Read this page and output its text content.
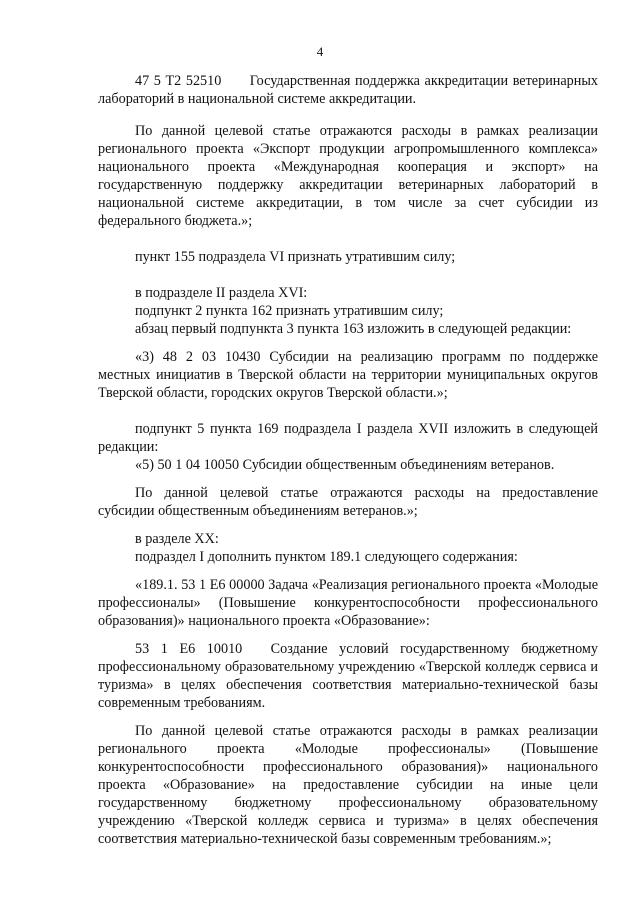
4

47 5 Т2 52510  Государственная поддержка аккредитации ветеринарных лабораторий в национальной системе аккредитации.

По данной целевой статье отражаются расходы в рамках реализации регионального проекта «Экспорт продукции агропромышленного комплекса» национального проекта «Международная кооперация и экспорт» на государственную поддержку аккредитации ветеринарных лабораторий в национальной системе аккредитации, в том числе за счет субсидии из федерального бюджета.»;

пункт 155 подраздела VI признать утратившим силу;

в подразделе II раздела XVI:

подпункт 2 пункта 162 признать утратившим силу;

абзац первый подпункта 3 пункта 163 изложить в следующей редакции:

«3) 48 2 03 10430 Субсидии на реализацию программ по поддержке местных инициатив в Тверской области на территории муниципальных округов Тверской области, городских округов Тверской области.»;

подпункт 5 пункта 169 подраздела I раздела XVII изложить в следующей редакции:

«5) 50 1 04 10050 Субсидии общественным объединениям ветеранов.

По данной целевой статье отражаются расходы на предоставление субсидии общественным объединениям ветеранов.»;

в разделе XX:

подраздел I дополнить пунктом 189.1 следующего содержания:

«189.1. 53 1 Е6 00000 Задача «Реализация регионального проекта «Молодые профессионалы» (Повышение конкурентоспособности профессионального образования)» национального проекта «Образование»:

53 1 Е6 10010  Создание условий государственному бюджетному профессиональному образовательному учреждению «Тверской колледж сервиса и туризма» в целях обеспечения соответствия материально-технической базы современным требованиям.

По данной целевой статье отражаются расходы в рамках реализации регионального проекта «Молодые профессионалы» (Повышение конкурентоспособности профессионального образования)» национального проекта «Образование» на предоставление субсидии на иные цели государственному бюджетному профессиональному образовательному учреждению «Тверской колледж сервиса и туризма» в целях обеспечения соответствия материально-технической базы современным требованиям.»;
